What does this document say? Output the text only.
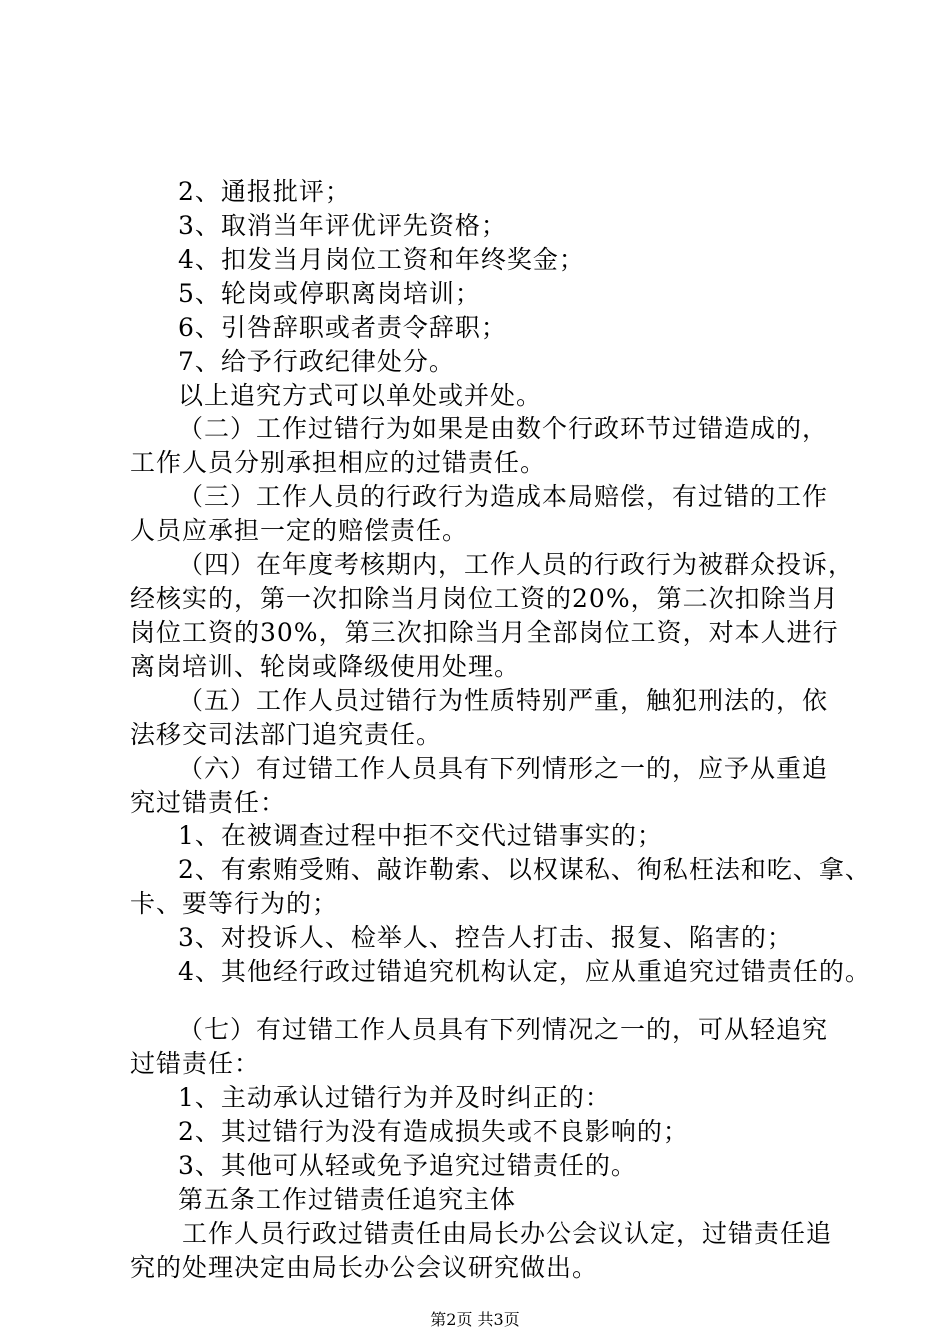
2、通报批评；
3、取消当年评优评先资格；
4、扣发当月岗位工资和年终奖金；
5、轮岗或停职离岗培训；
6、引咎辞职或者责令辞职；
7、给予行政纪律处分。
以上追究方式可以单处或并处。
（二）工作过错行为如果是由数个行政环节过错造成的，
工作人员分别承担相应的过错责任。
（三）工作人员的行政行为造成本局赔偿，有过错的工作
人员应承担一定的赔偿责任。
（四）在年度考核期内，工作人员的行政行为被群众投诉，
经核实的，第一次扣除当月岗位工资的20%，第二次扣除当月
岗位工资的30%，第三次扣除当月全部岗位工资，对本人进行
离岗培训、轮岗或降级使用处理。
（五）工作人员过错行为性质特别严重，触犯刑法的，依
法移交司法部门追究责任。
（六）有过错工作人员具有下列情形之一的，应予从重追
究过错责任：
1、在被调查过程中拒不交代过错事实的；
2、有索贿受贿、敲诈勒索、以权谋私、徇私枉法和吃、拿、
卡、要等行为的；
3、对投诉人、检举人、控告人打击、报复、陷害的；
4、其他经行政过错追究机构认定，应从重追究过错责任的。
（七）有过错工作人员具有下列情况之一的，可从轻追究
过错责任：
1、主动承认过错行为并及时纠正的：
2、其过错行为没有造成损失或不良影响的；
3、其他可从轻或免予追究过错责任的。
第五条工作过错责任追究主体
工作人员行政过错责任由局长办公会议认定，过错责任追
究的处理决定由局长办公会议研究做出。
第2页 共3页
